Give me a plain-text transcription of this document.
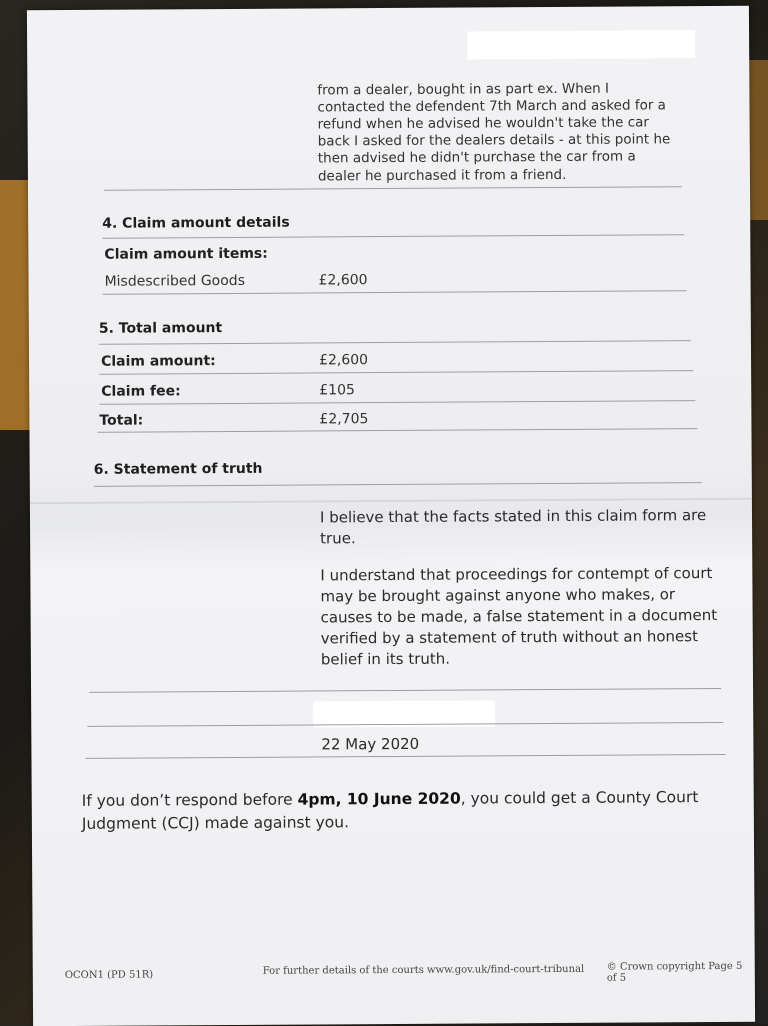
from a dealer, bought in as part ex. When I
contacted the defendent 7th March and asked for a
refund when he advised he wouldn't take the car
back I asked for the dealers details - at this point he
then advised he didn't purchase the car from a
dealer he purchased it from a friend.
4. Claim amount details
Claim amount items:
Misdescribed Goods	£2,600
5. Total amount
Claim amount:	£2,600
Claim fee:	£105
Total:	£2,705
6. Statement of truth
I believe that the facts stated in this claim form are
true.
I understand that proceedings for contempt of court
may be brought against anyone who makes, or
causes to be made, a false statement in a document
verified by a statement of truth without an honest
belief in its truth.
22 May 2020
If you don’t respond before 4pm, 10 June 2020, you could get a County Court
Judgment (CCJ) made against you.
OCON1 (PD 51R)	For further details of the courts www.gov.uk/find-court-tribunal © Crown copyright Page 5 of 5
